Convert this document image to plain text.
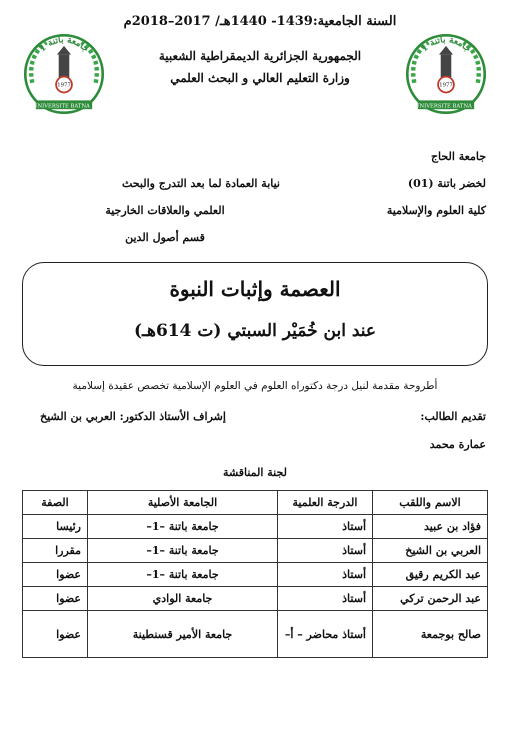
السنة الجامعية:1439- 1440هـ/ 2017–2018م
الجمهورية الجزائرية الديمقراطية الشعبية
وزارة التعليم العالي و البحث العلمي
1977
جامعة باتنة 1
UNIVERSITE BATNA 1
1977
جامعة باتنة 1
UNIVERSITE BATNA 1
جامعة الحاج
لخضر باتنة (01)
كلية العلوم والإسلامية
نيابة العمادة لما بعد التدرج والبحث
العلمي والعلاقات الخارجية
قسم أصول الدين
العصمة وإثبات النبوة
عند ابن خُمَيْر السبتي (ت 614هـ)
أطروحة مقدمة لنيل درجة دكتوراه العلوم في العلوم الإسلامية تخصص عقيدة إسلامية
تقديم الطالب:
إشراف الأستاذ الدكتور: العربي بن الشيخ
عمارة محمد
لجنة المناقشة
الاسم واللقب	الدرجة العلمية	الجامعة الأصلية	الصفة
فؤاد بن عبيد	أستاذ	جامعة باتنة –1–	رئيسا
العربي بن الشيخ	أستاذ	جامعة باتنة –1–	مقررا
عبد الكريم رقيق	أستاذ	جامعة باتنة –1–	عضوا
عبد الرحمن تركي	أستاذ	جامعة الوادي	عضوا
صالح بوجمعة	أستاذ محاضر – أ–	جامعة الأمير قسنطينة	عضوا
